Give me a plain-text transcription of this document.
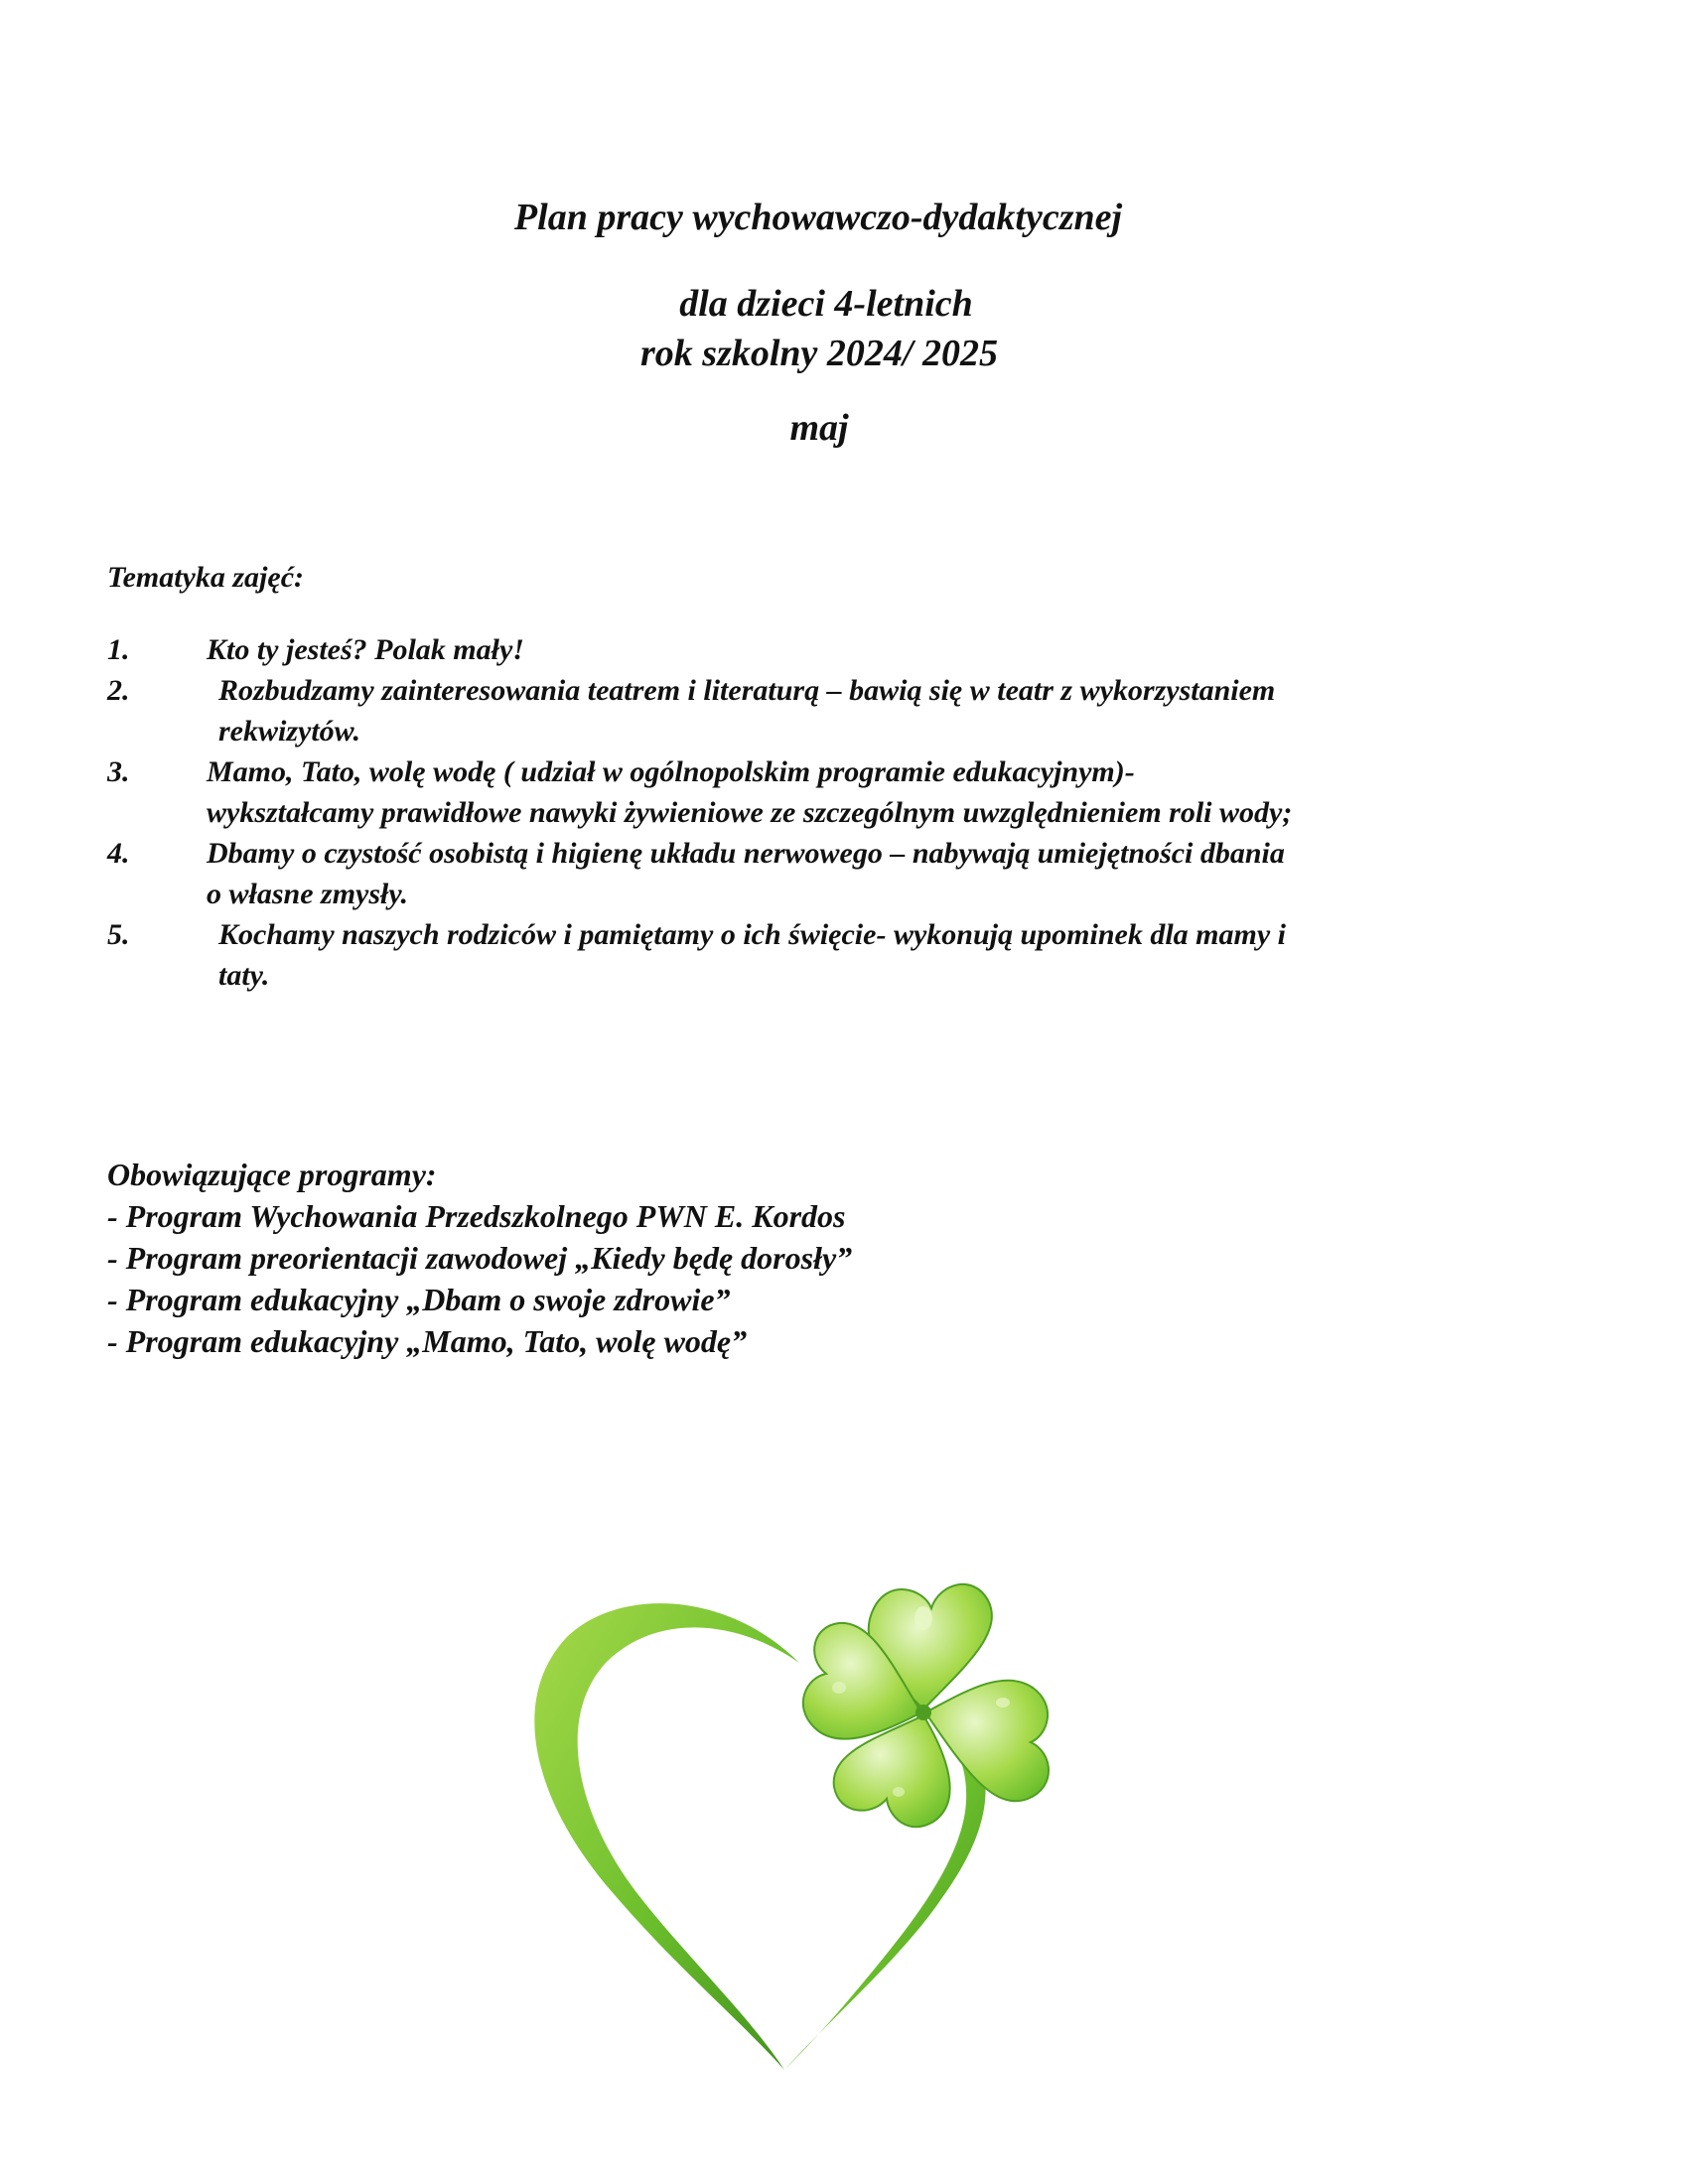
Plan pracy wychowawczo-dydaktycznej
dla dzieci 4-letnich
rok szkolny 2024/ 2025
maj
Tematyka zajęć:
1.	Kto ty jesteś? Polak mały!
2.	Rozbudzamy zainteresowania teatrem i literaturą – bawią się w teatr z wykorzystaniem
rekwizytów.
3.	Mamo, Tato, wolę wodę ( udział w ogólnopolskim programie edukacyjnym)-
wykształcamy prawidłowe nawyki żywieniowe ze szczególnym uwzględnieniem roli wody;
4.	Dbamy o czystość osobistą i higienę układu nerwowego – nabywają umiejętności dbania
o własne zmysły.
5.	Kochamy naszych rodziców i pamiętamy o ich święcie- wykonują upominek dla mamy i
taty.
Obowiązujące programy:
- Program Wychowania Przedszkolnego PWN E. Kordos
- Program preorientacji zawodowej „Kiedy będę dorosły”
- Program edukacyjny „Dbam o swoje zdrowie”
- Program edukacyjny „Mamo, Tato, wolę wodę”
